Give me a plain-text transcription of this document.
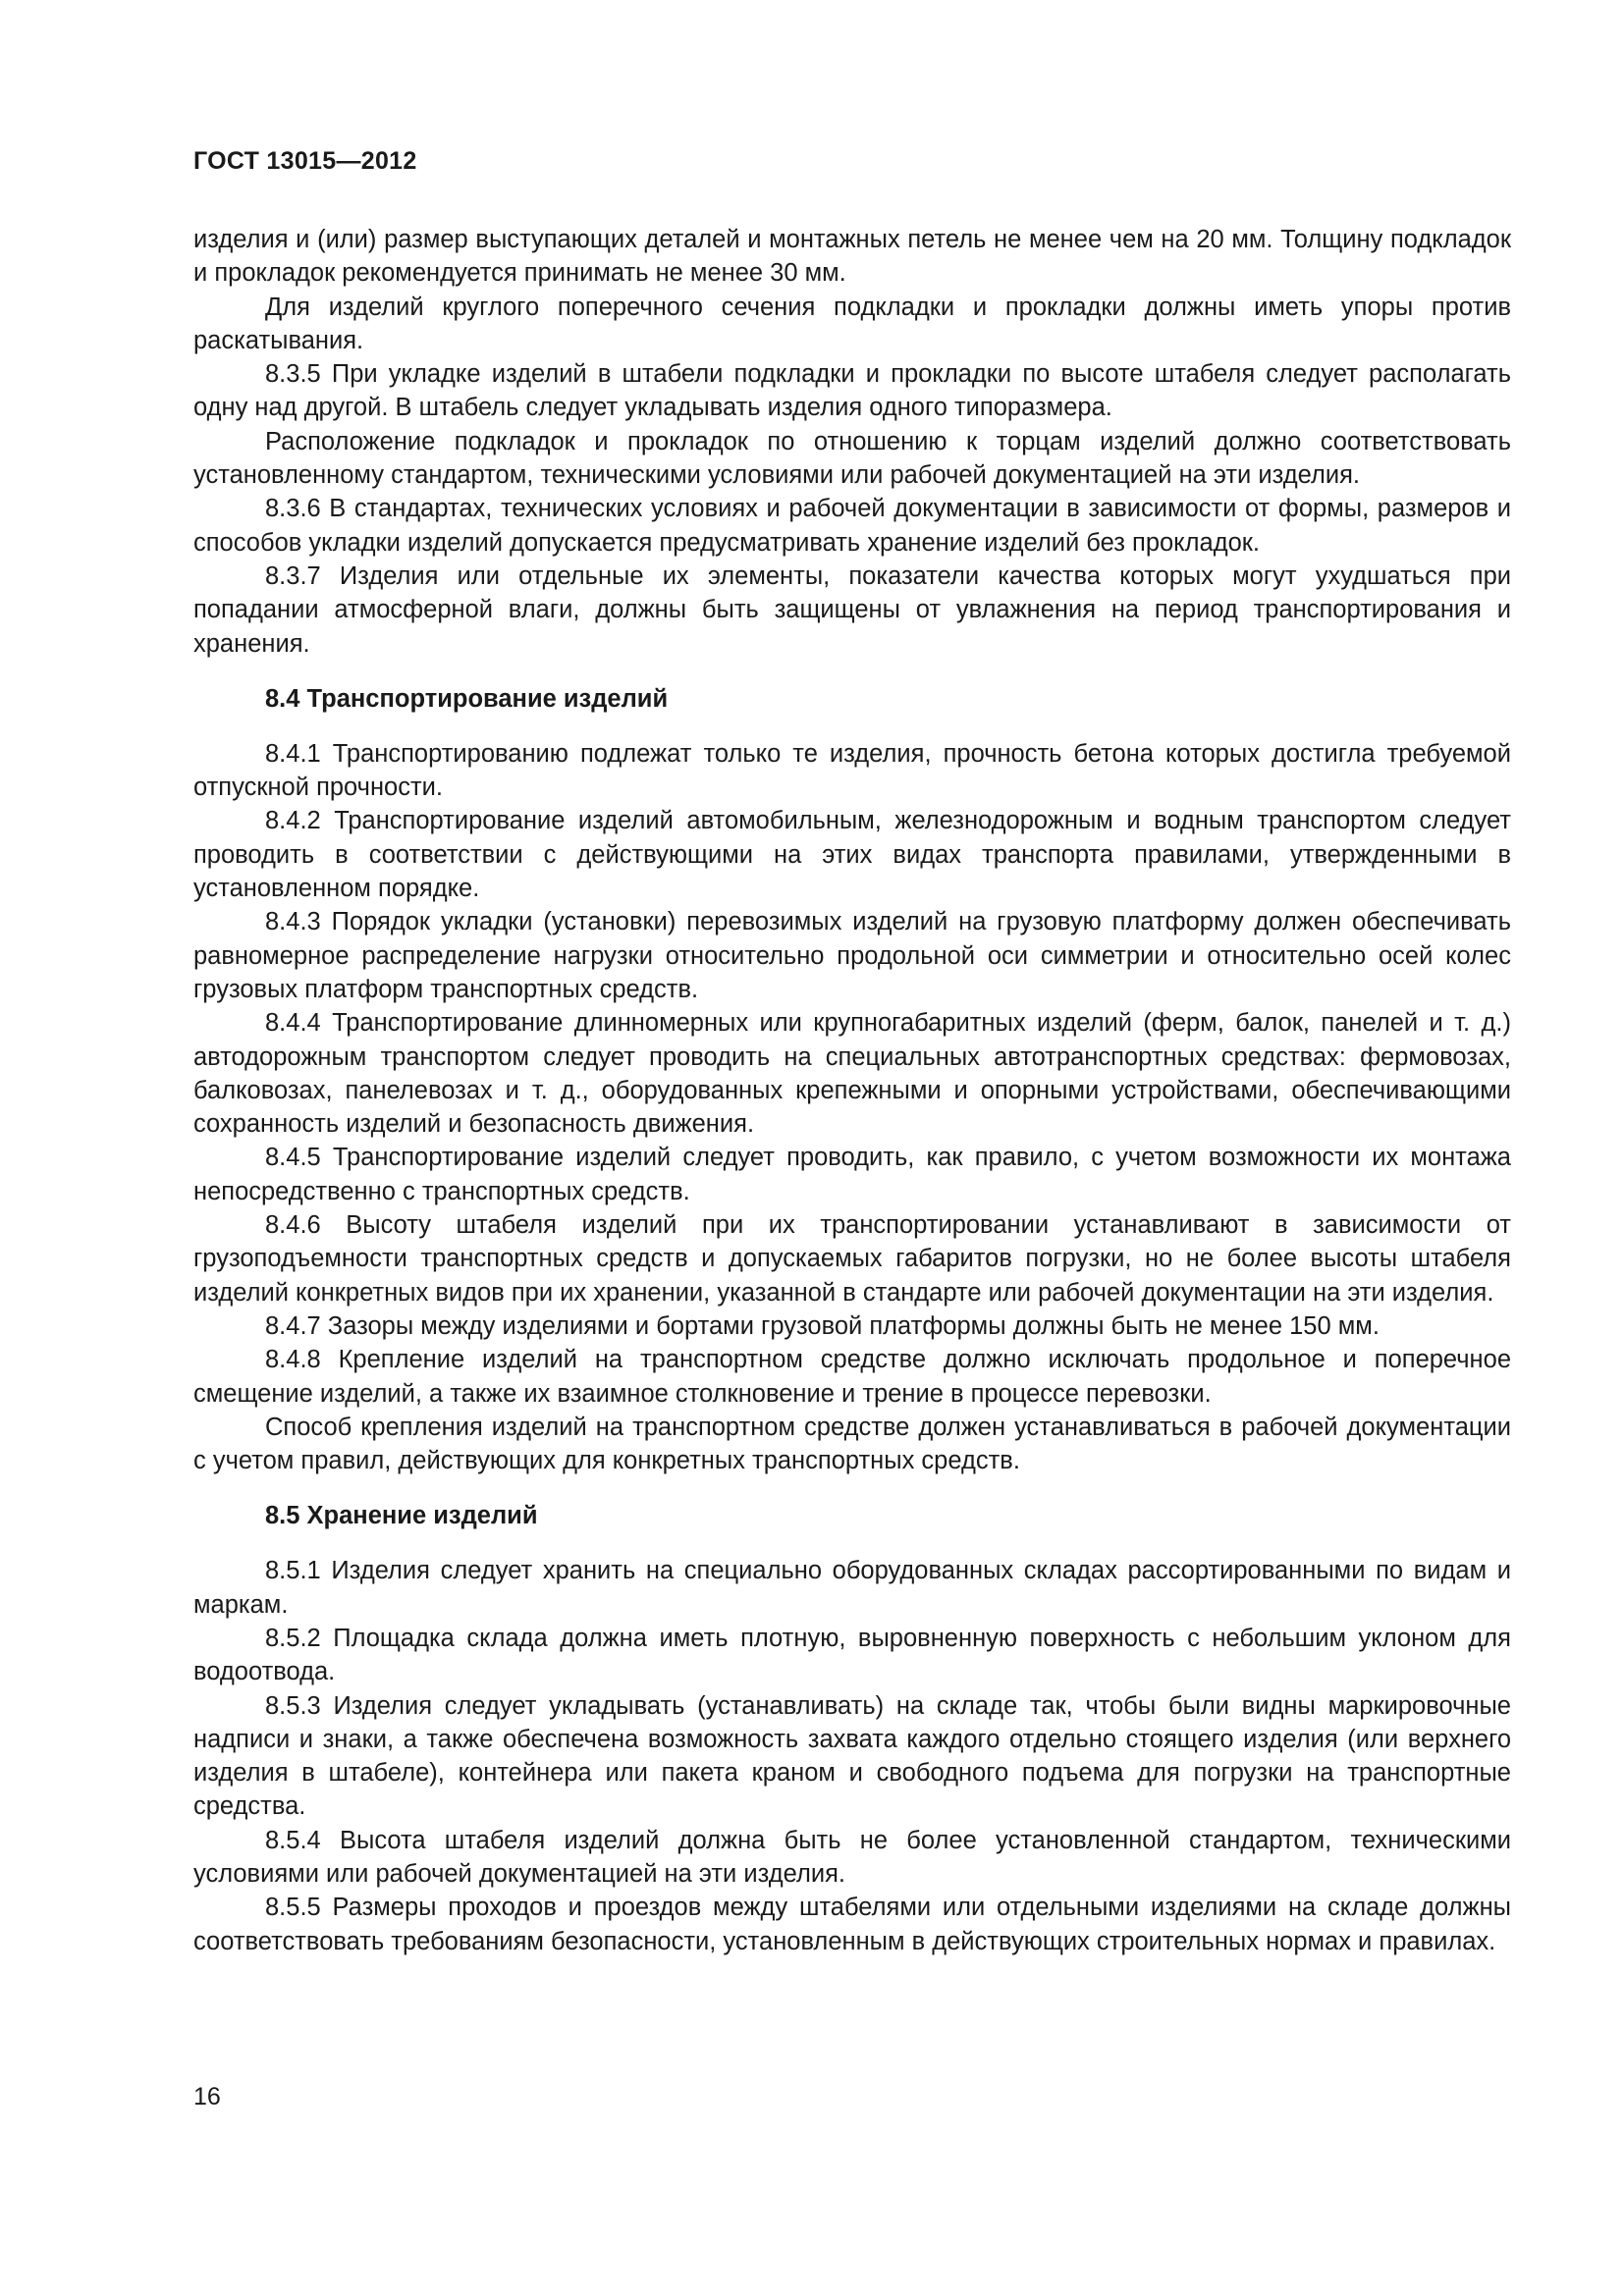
ГОСТ 13015—2012

изделия и (или) размер выступающих деталей и монтажных петель не менее чем на 20 мм. Толщину подкладок и прокладок рекомендуется принимать не менее 30 мм.

Для изделий круглого поперечного сечения подкладки и прокладки должны иметь упоры против раскатывания.

8.3.5 При укладке изделий в штабели подкладки и прокладки по высоте штабеля следует располагать одну над другой. В штабель следует укладывать изделия одного типоразмера.

Расположение подкладок и прокладок по отношению к торцам изделий должно соответствовать установленному стандартом, техническими условиями или рабочей документацией на эти изделия.

8.3.6 В стандартах, технических условиях и рабочей документации в зависимости от формы, размеров и способов укладки изделий допускается предусматривать хранение изделий без прокладок.

8.3.7 Изделия или отдельные их элементы, показатели качества которых могут ухудшаться при попадании атмосферной влаги, должны быть защищены от увлажнения на период транспортирования и хранения.

8.4 Транспортирование изделий

8.4.1 Транспортированию подлежат только те изделия, прочность бетона которых достигла требуемой отпускной прочности.

8.4.2 Транспортирование изделий автомобильным, железнодорожным и водным транспортом следует проводить в соответствии с действующими на этих видах транспорта правилами, утвержденными в установленном порядке.

8.4.3 Порядок укладки (установки) перевозимых изделий на грузовую платформу должен обеспечивать равномерное распределение нагрузки относительно продольной оси симметрии и относительно осей колес грузовых платформ транспортных средств.

8.4.4 Транспортирование длинномерных или крупногабаритных изделий (ферм, балок, панелей и т. д.) автодорожным транспортом следует проводить на специальных автотранспортных средствах: фермовозах, балковозах, панелевозах и т. д., оборудованных крепежными и опорными устройствами, обеспечивающими сохранность изделий и безопасность движения.

8.4.5 Транспортирование изделий следует проводить, как правило, с учетом возможности их монтажа непосредственно с транспортных средств.

8.4.6 Высоту штабеля изделий при их транспортировании устанавливают в зависимости от грузоподъемности транспортных средств и допускаемых габаритов погрузки, но не более высоты штабеля изделий конкретных видов при их хранении, указанной в стандарте или рабочей документации на эти изделия.

8.4.7 Зазоры между изделиями и бортами грузовой платформы должны быть не менее 150 мм.

8.4.8 Крепление изделий на транспортном средстве должно исключать продольное и поперечное смещение изделий, а также их взаимное столкновение и трение в процессе перевозки.

Способ крепления изделий на транспортном средстве должен устанавливаться в рабочей документации с учетом правил, действующих для конкретных транспортных средств.

8.5 Хранение изделий

8.5.1 Изделия следует хранить на специально оборудованных складах рассортированными по видам и маркам.

8.5.2 Площадка склада должна иметь плотную, выровненную поверхность с небольшим уклоном для водоотвода.

8.5.3 Изделия следует укладывать (устанавливать) на складе так, чтобы были видны маркировочные надписи и знаки, а также обеспечена возможность захвата каждого отдельно стоящего изделия (или верхнего изделия в штабеле), контейнера или пакета краном и свободного подъема для погрузки на транспортные средства.

8.5.4 Высота штабеля изделий должна быть не более установленной стандартом, техническими условиями или рабочей документацией на эти изделия.

8.5.5 Размеры проходов и проездов между штабелями или отдельными изделиями на складе должны соответствовать требованиям безопасности, установленным в действующих строительных нормах и правилах.

16
